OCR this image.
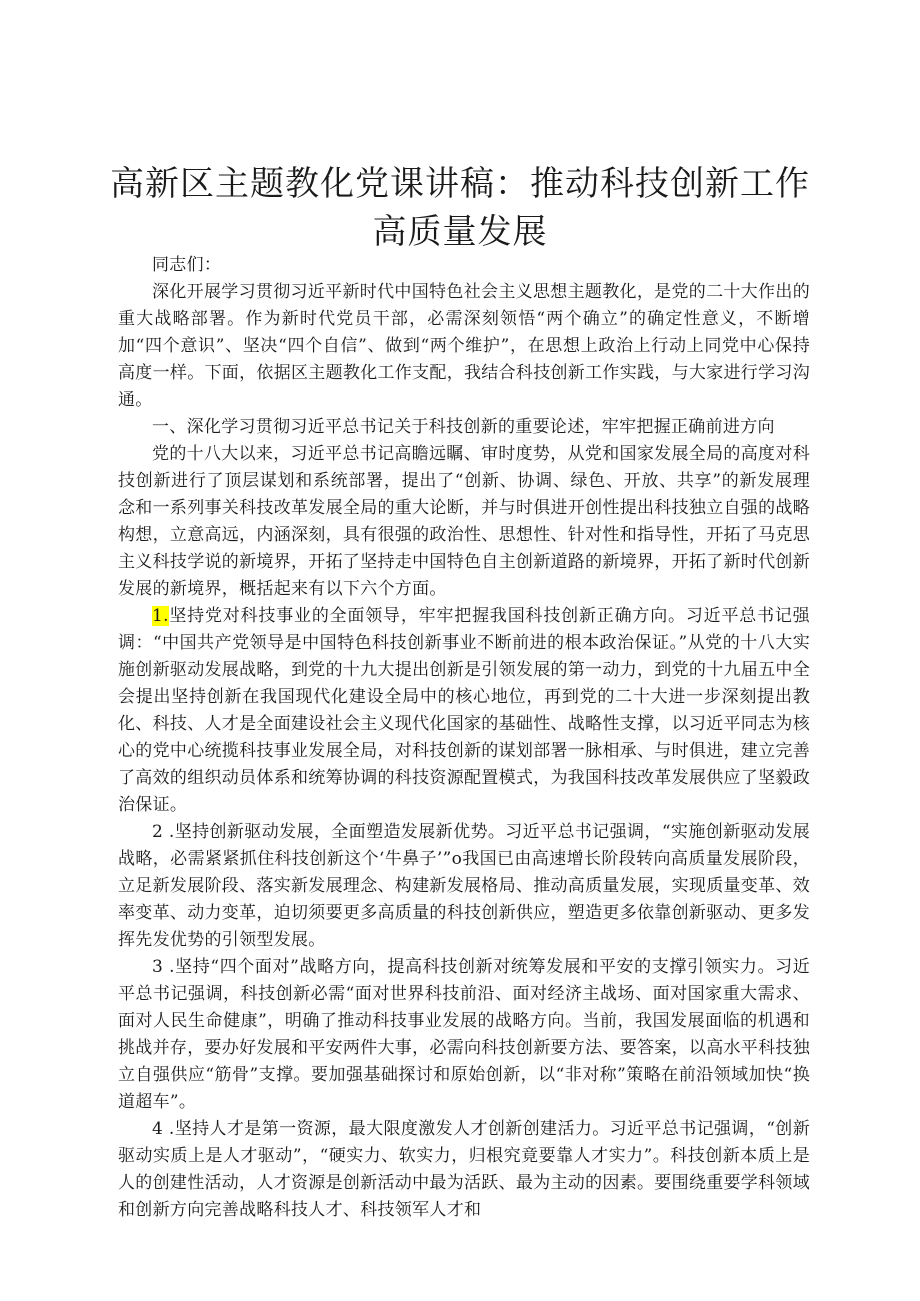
高新区主题教化党课讲稿：推动科技创新工作
高质量发展

同志们：

深化开展学习贯彻习近平新时代中国特色社会主义思想主题教化，是党的二十大作出的重大战略部署。作为新时代党员干部，必需深刻领悟“两个确立”的确定性意义，不断增加“四个意识”、坚决“四个自信”、做到“两个维护”，在思想上政治上行动上同党中心保持高度一样。下面，依据区主题教化工作支配，我结合科技创新工作实践，与大家进行学习沟通。

一、深化学习贯彻习近平总书记关于科技创新的重要论述，牢牢把握正确前进方向

党的十八大以来，习近平总书记高瞻远瞩、审时度势，从党和国家发展全局的高度对科技创新进行了顶层谋划和系统部署，提出了“创新、协调、绿色、开放、共享”的新发展理念和一系列事关科技改革发展全局的重大论断，并与时俱进开创性提出科技独立自强的战略构想，立意高远，内涵深刻，具有很强的政治性、思想性、针对性和指导性，开拓了马克思主义科技学说的新境界，开拓了坚持走中国特色自主创新道路的新境界，开拓了新时代创新发展的新境界，概括起来有以下六个方面。

1.坚持党对科技事业的全面领导，牢牢把握我国科技创新正确方向。习近平总书记强调：“中国共产党领导是中国特色科技创新事业不断前进的根本政治保证。”从党的十八大实施创新驱动发展战略，到党的十九大提出创新是引领发展的第一动力，到党的十九届五中全会提出坚持创新在我国现代化建设全局中的核心地位，再到党的二十大进一步深刻提出教化、科技、人才是全面建设社会主义现代化国家的基础性、战略性支撑，以习近平同志为核心的党中心统揽科技事业发展全局，对科技创新的谋划部署一脉相承、与时俱进，建立完善了高效的组织动员体系和统筹协调的科技资源配置模式，为我国科技改革发展供应了坚毅政治保证。

2 .坚持创新驱动发展，全面塑造发展新优势。习近平总书记强调，“实施创新驱动发展战略，必需紧紧抓住科技创新这个‘牛鼻子’”o我国已由高速增长阶段转向高质量发展阶段，立足新发展阶段、落实新发展理念、构建新发展格局、推动高质量发展，实现质量变革、效率变革、动力变革，迫切须要更多高质量的科技创新供应，塑造更多依靠创新驱动、更多发挥先发优势的引领型发展。

3 .坚持“四个面对”战略方向，提高科技创新对统筹发展和平安的支撑引领实力。习近平总书记强调，科技创新必需“面对世界科技前沿、面对经济主战场、面对国家重大需求、面对人民生命健康”，明确了推动科技事业发展的战略方向。当前，我国发展面临的机遇和挑战并存，要办好发展和平安两件大事，必需向科技创新要方法、要答案，以高水平科技独立自强供应“筋骨”支撑。要加强基础探讨和原始创新，以“非对称”策略在前沿领域加快“换道超车”。

4 .坚持人才是第一资源，最大限度激发人才创新创建活力。习近平总书记强调，“创新驱动实质上是人才驱动”，“硬实力、软实力，归根究竟要靠人才实力”。科技创新本质上是人的创建性活动，人才资源是创新活动中最为活跃、最为主动的因素。要围绕重要学科领域和创新方向完善战略科技人才、科技领军人才和
